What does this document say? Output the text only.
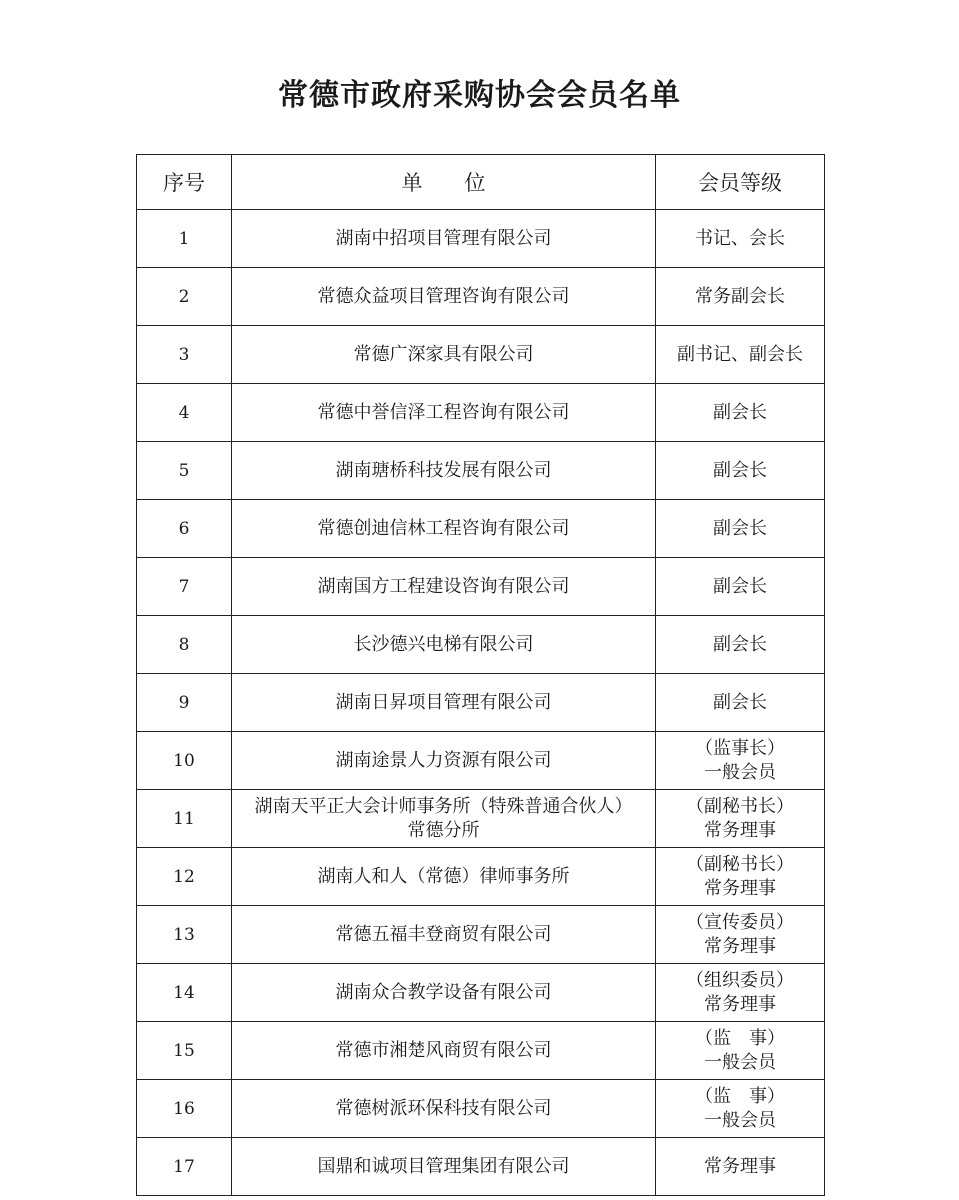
常德市政府采购协会会员名单
序号	单　　位	会员等级
1	湖南中招项目管理有限公司	书记、会长

2	常德众益项目管理咨询有限公司	常务副会长

3	常德广深家具有限公司	副书记、副会长

4	常德中誉信泽工程咨询有限公司	副会长

5	湖南瑭桥科技发展有限公司	副会长

6	常德创迪信林工程咨询有限公司	副会长

7	湖南国方工程建设咨询有限公司	副会长

8	长沙德兴电梯有限公司	副会长

9	湖南日昇项目管理有限公司	副会长

10	湖南途景人力资源有限公司	（监事长）
一般会员

11	湖南天平正大会计师事务所（特殊普通合伙人）
常德分所	（副秘书长）
常务理事

12	湖南人和人（常德）律师事务所	（副秘书长）
常务理事

13	常德五福丰登商贸有限公司	（宣传委员）
常务理事

14	湖南众合教学设备有限公司	（组织委员）
常务理事

15	常德市湘楚风商贸有限公司	（监　事）
一般会员

16	常德树派环保科技有限公司	（监　事）
一般会员

17	国鼎和诚项目管理集团有限公司	常务理事
